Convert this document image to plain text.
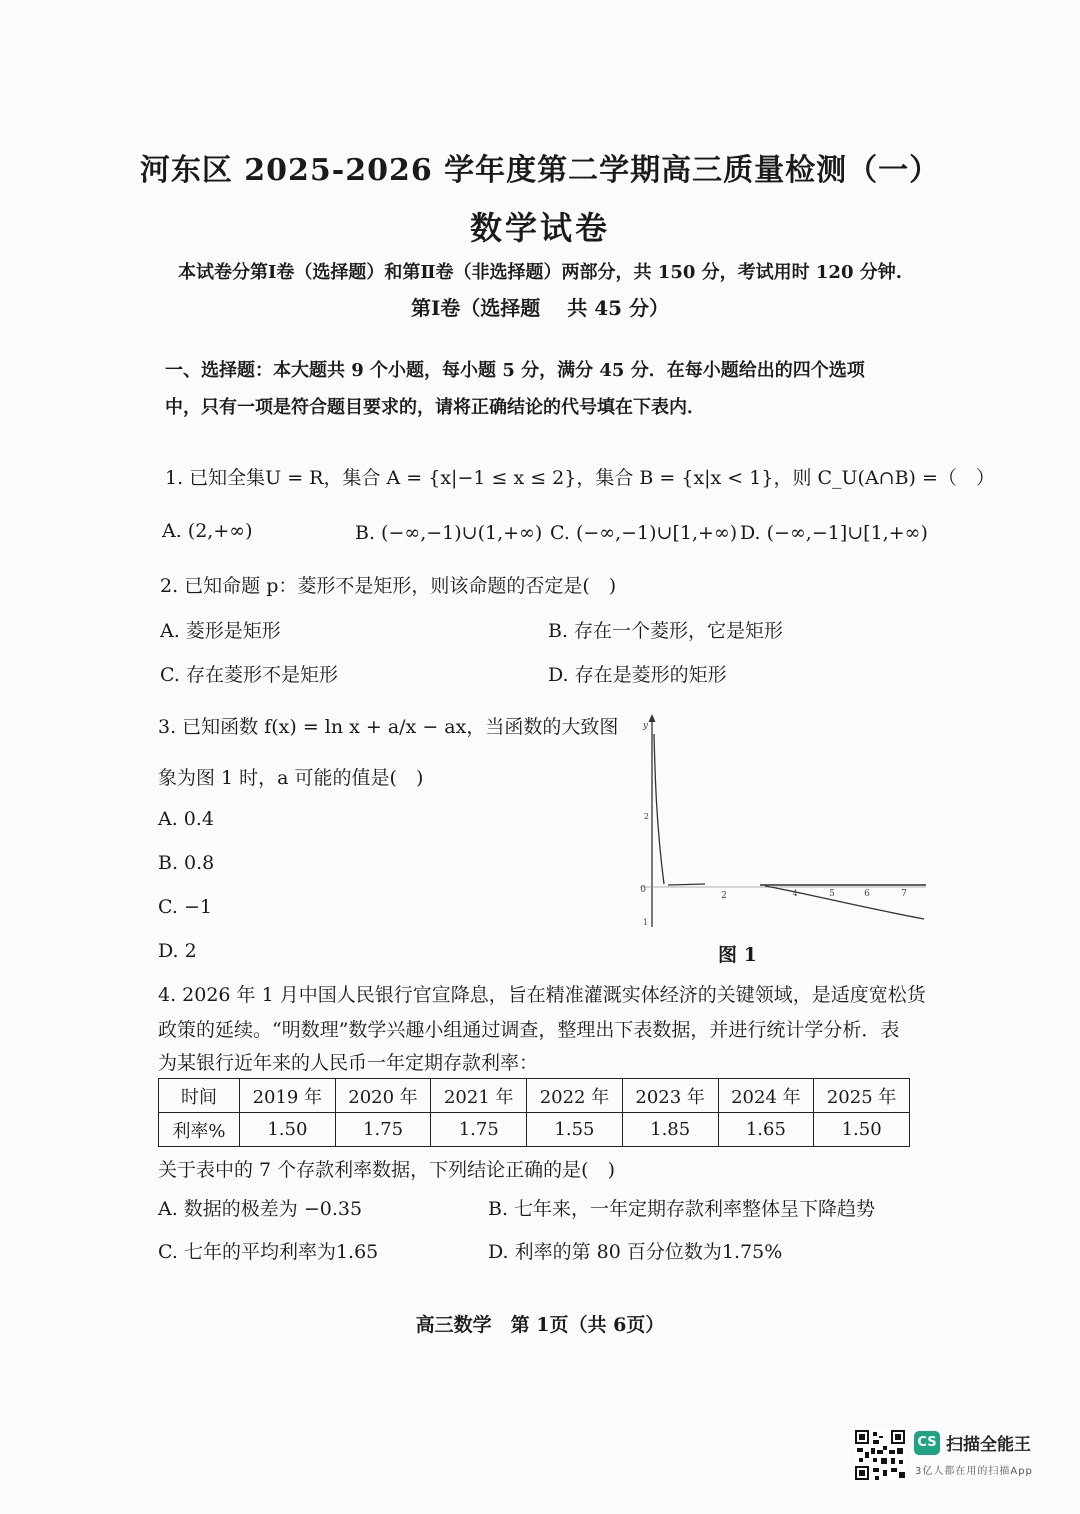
河东区 2025-2026 学年度第二学期高三质量检测（一）
数学试卷
本试卷分第Ⅰ卷（选择题）和第Ⅱ卷（非选择题）两部分，共 150 分，考试用时 120 分钟.
第Ⅰ卷（选择题　 共 45 分）
一、选择题：本大题共 9 个小题，每小题 5 分，满分 45 分．在每小题给出的四个选项
中，只有一项是符合题目要求的，请将正确结论的代号填在下表内．
1. 已知全集U = R，集合 A = {x|−1 ≤ x ≤ 2}，集合 B = {x|x < 1}，则 C_U(A∩B) =（　）
A. (2,+∞)	B. (−∞,−1)∪(1,+∞) C. (−∞,−1)∪[1,+∞) D. (−∞,−1]∪[1,+∞)
2. 已知命题 p：菱形不是矩形，则该命题的否定是(　)
A. 菱形是矩形	B. 存在一个菱形，它是矩形
C. 存在菱形不是矩形	D. 存在是菱形的矩形
3. 已知函数 f(x) = ln x + a/x − ax，当函数的大致图
象为图 1 时，a 可能的值是(　)
A. 0.4
B. 0.8
C. −1
D. 2
y
0
2
1
2	4	5	6	7
图 1
4. 2026 年 1 月中国人民银行官宣降息，旨在精准灌溉实体经济的关键领域，是适度宽松货
政策的延续。“明数理”数学兴趣小组通过调查，整理出下表数据，并进行统计学分析．表
为某银行近年来的人民币一年定期存款利率：
时间	2019 年	2020 年	2021 年	2022 年	2023 年	2024 年	2025 年
利率%	1.50	1.75	1.75	1.55	1.85	1.65	1.50
关于表中的 7 个存款利率数据，下列结论正确的是(　)
A. 数据的极差为 −0.35	B. 七年来，一年定期存款利率整体呈下降趋势
C. 七年的平均利率为1.65	D. 利率的第 80 百分位数为1.75%
高三数学　第 1页（共 6页）
CS 扫描全能王
3亿人都在用的扫描App
